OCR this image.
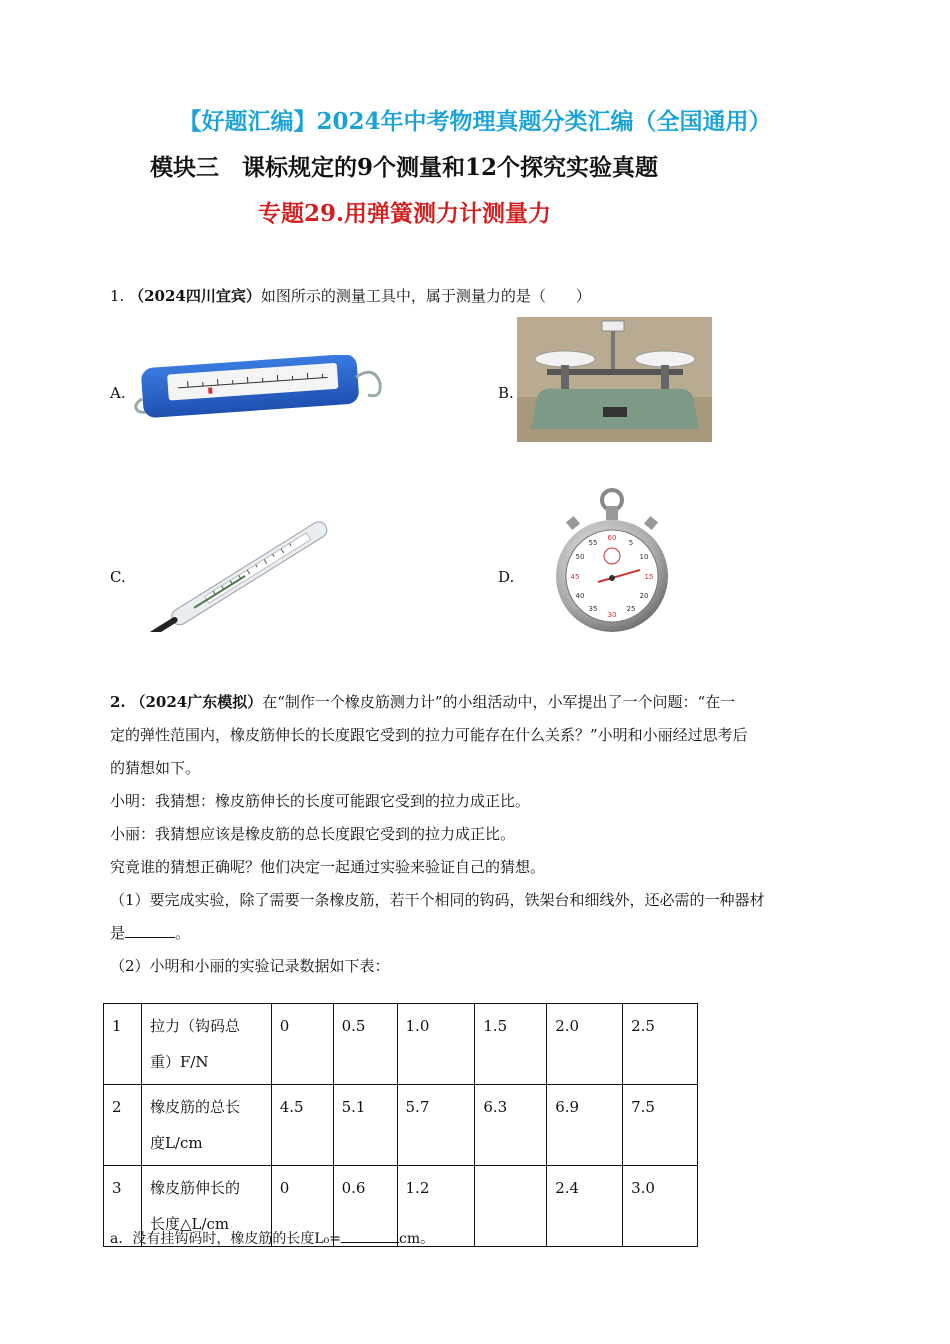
【好题汇编】2024年中考物理真题分类汇编（全国通用）
模块三　课标规定的9个测量和12个探究实验真题
专题29.用弹簧测力计测量力
1. （2024四川宜宾）如图所示的测量工具中，属于测量力的是（　　）
A.	B.
C.	D.
60
5
10
15
20
25
30
35
40
45
50
55
2. （2024广东模拟）在“制作一个橡皮筋测力计”的小组活动中，小军提出了一个问题：“在一
定的弹性范围内，橡皮筋伸长的长度跟它受到的拉力可能存在什么关系？”小明和小丽经过思考后
的猜想如下。
小明：我猜想：橡皮筋伸长的长度可能跟它受到的拉力成正比。
小丽：我猜想应该是橡皮筋的总长度跟它受到的拉力成正比。
究竟谁的猜想正确呢？他们决定一起通过实验来验证自己的猜想。
（1）要完成实验，除了需要一条橡皮筋，若干个相同的钩码，铁架台和细线外，还必需的一种器材
是	。
（2）小明和小丽的实验记录数据如下表：
1	拉力（钩码总
重）F/N	0	0.5	1.0	1.5	2.0	2.5
2	橡皮筋的总长
度L/cm	4.5	5.1	5.7	6.3	6.9	7.5
3	橡皮筋伸长的
长度△L/cm	0	0.6	1.2		2.4	3.0
a．没有挂钩码时，橡皮筋的长度L₀=	cm。
